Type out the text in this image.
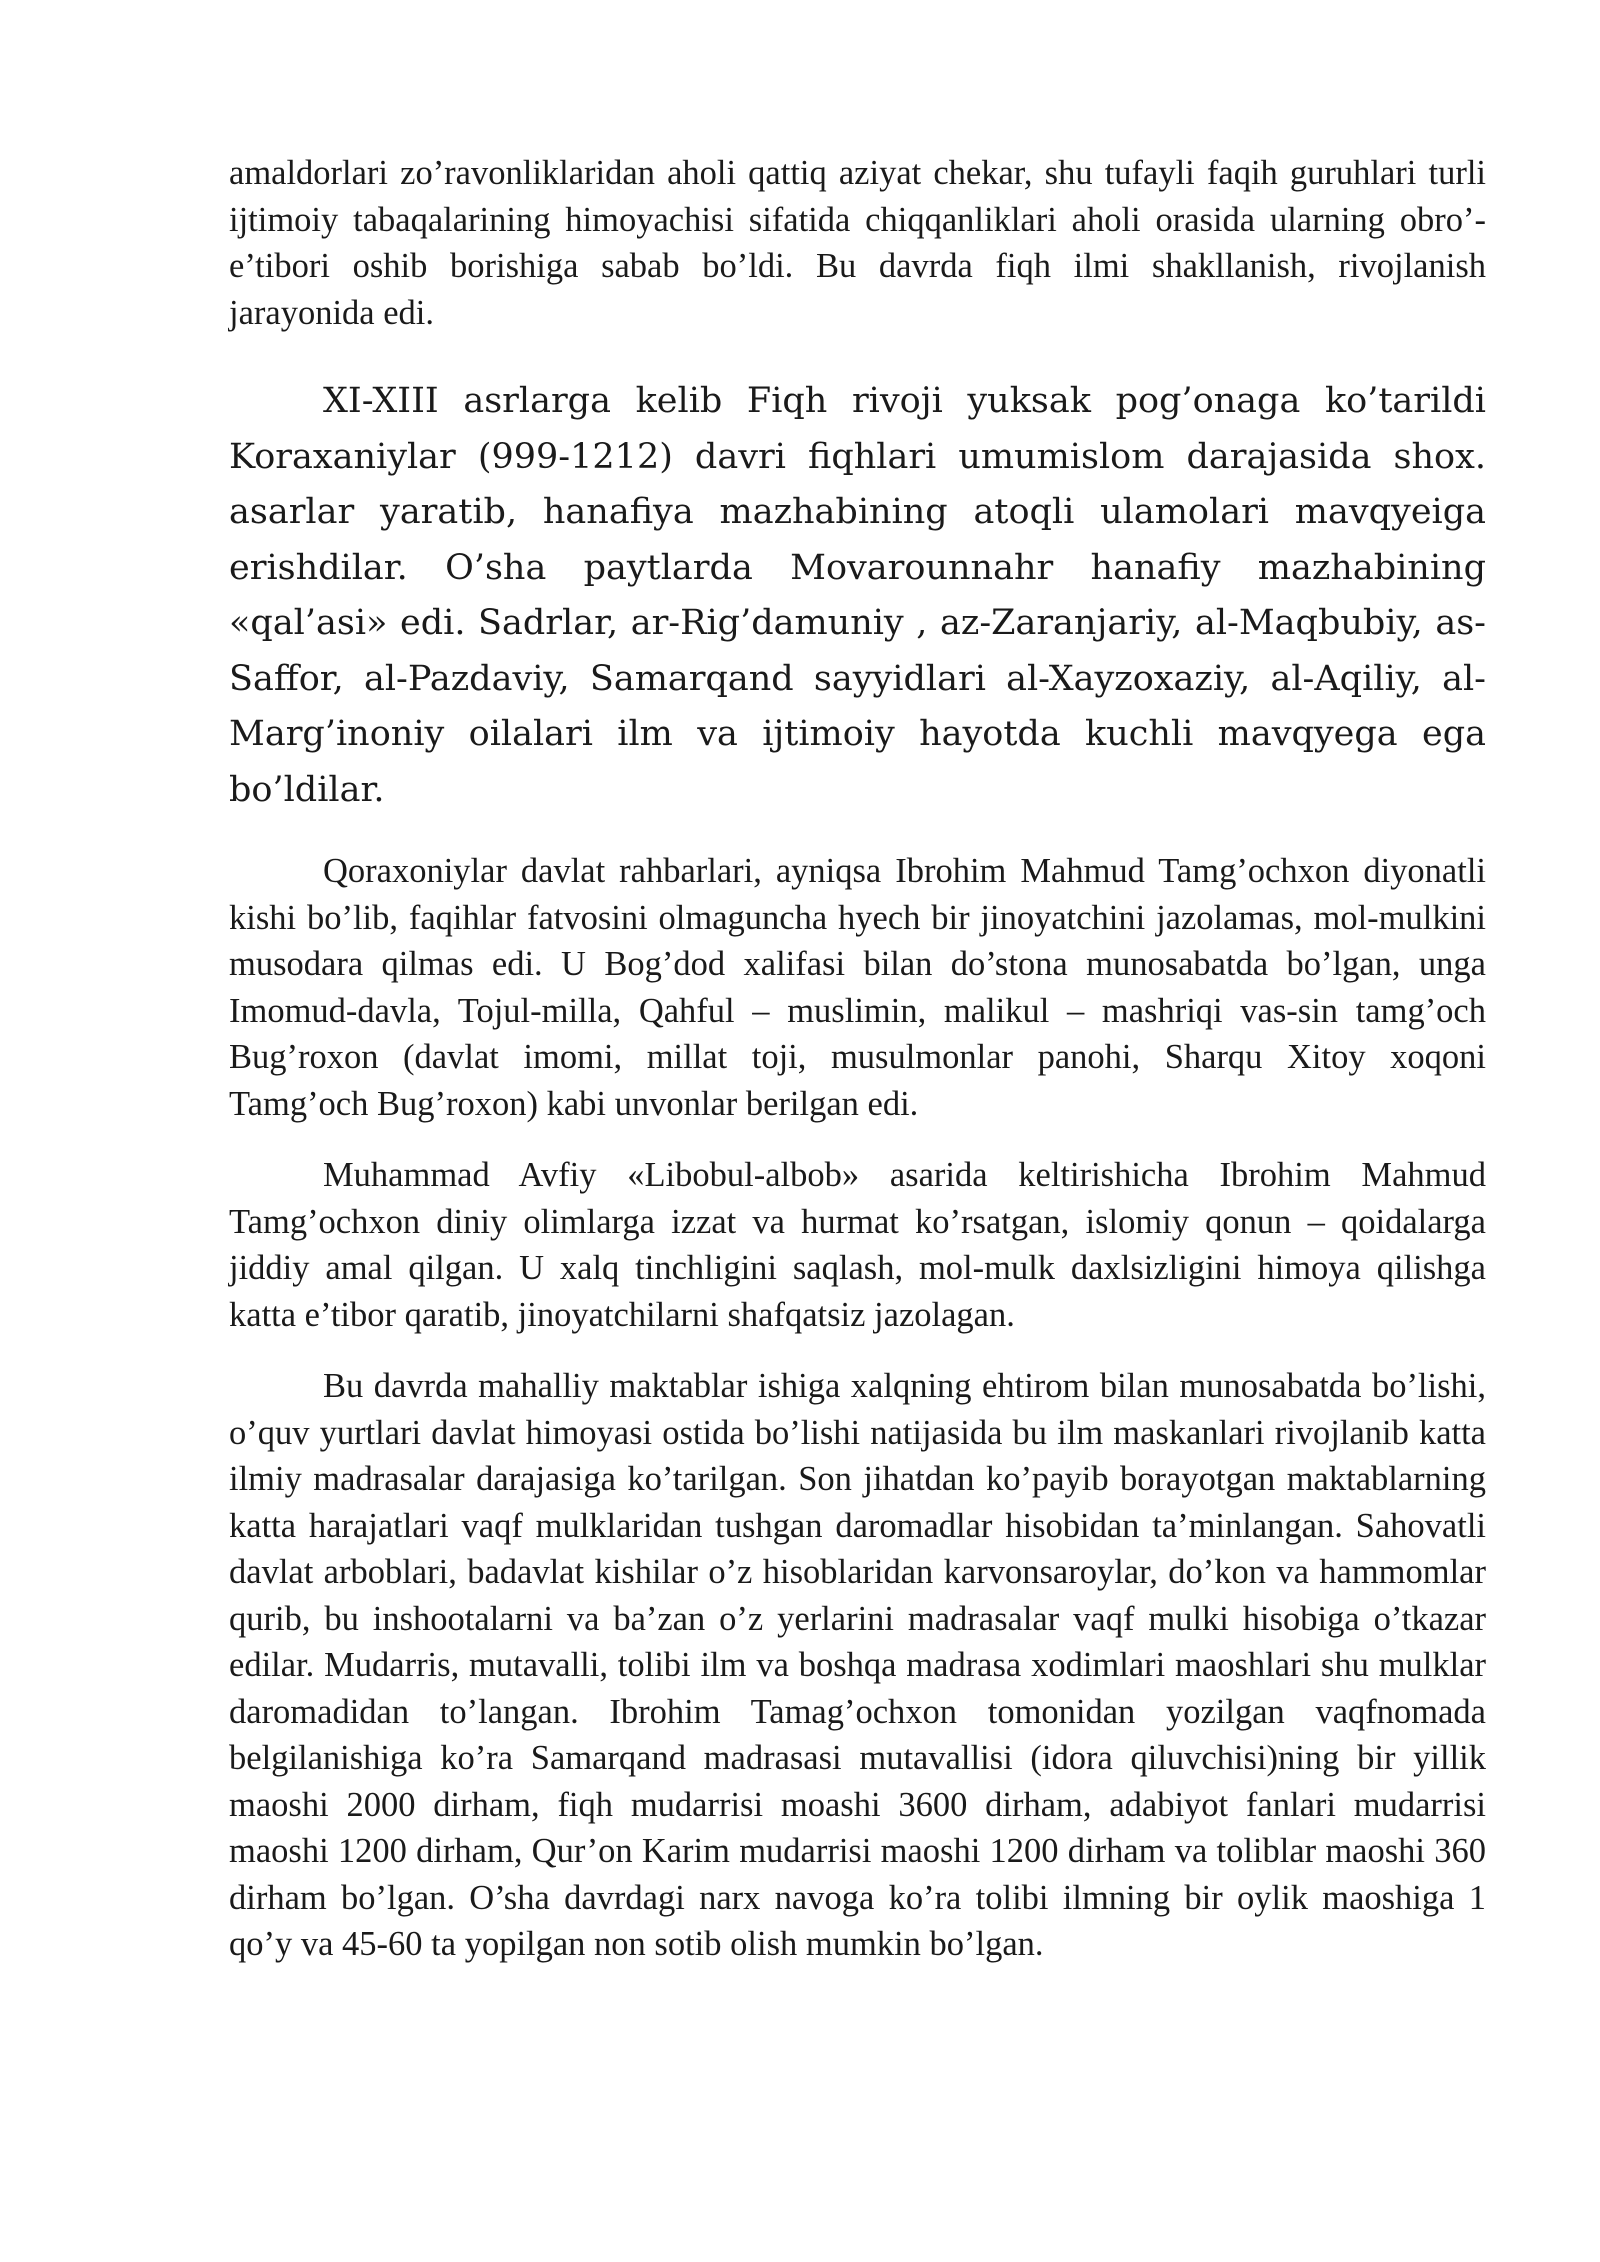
amaldorlari zo’ravonliklaridan aholi qattiq aziyat chekar, shu tufayli faqih guruhlari turli ijtimoiy tabaqalarining himoyachisi sifatida chiqqanliklari aholi orasida ularning obro’-e’tibori oshib borishiga sabab bo’ldi. Bu davrda fiqh ilmi shakllanish, rivojlanish jarayonida edi.

XI-XIII asrlarga kelib Fiqh rivoji yuksak pog’onaga ko’tarildi Koraxaniylar (999-1212) davri fiqhlari umumislom darajasida shox. asarlar yaratib, hanafiya mazhabining atoqli ulamolari mavqyeiga erishdilar. O’sha paytlarda Movarounnahr hanafiy mazhabining «qal’asi» edi. Sadrlar, ar-Rig’damuniy , az-Zaranjariy, al-Maqbubiy, as-Saffor, al-Pazdaviy, Samarqand sayyidlari al-Xayzoxaziy, al-Aqiliy, al-Marg’inoniy oilalari ilm va ijtimoiy hayotda kuchli mavqyega ega bo’ldilar.

Qoraxoniylar davlat rahbarlari, ayniqsa Ibrohim Mahmud Tamg’ochxon diyonatli kishi bo’lib, faqihlar fatvosini olmaguncha hyech bir jinoyatchini jazolamas, mol-mulkini musodara qilmas edi. U Bog’dod xalifasi bilan do’stona munosabatda bo’lgan, unga Imomud-davla, Tojul-milla, Qahful – muslimin, malikul – mashriqi vas-sin tamg’och Bug’roxon (davlat imomi, millat toji, musulmonlar panohi, Sharqu Xitoy xoqoni Tamg’och Bug’roxon) kabi unvonlar berilgan edi.

Muhammad Avfiy «Libobul-albob» asarida keltirishicha Ibrohim Mahmud Tamg’ochxon diniy olimlarga izzat va hurmat ko’rsatgan, islomiy qonun – qoidalarga jiddiy amal qilgan. U xalq tinchligini saqlash, mol-mulk daxlsizligini himoya qilishga katta e’tibor qaratib, jinoyatchilarni shafqatsiz jazolagan.

Bu davrda mahalliy maktablar ishiga xalqning ehtirom bilan munosabatda bo’lishi, o’quv yurtlari davlat himoyasi ostida bo’lishi natijasida bu ilm maskanlari rivojlanib katta ilmiy madrasalar darajasiga ko’tarilgan. Son jihatdan ko’payib borayotgan maktablarning katta harajatlari vaqf mulklaridan tushgan daromadlar hisobidan ta’minlangan. Sahovatli davlat arboblari, badavlat kishilar o’z hisoblaridan karvonsaroylar, do’kon va hammomlar qurib, bu inshootalarni va ba’zan o’z yerlarini madrasalar vaqf mulki hisobiga o’tkazar edilar. Mudarris, mutavalli, tolibi ilm va boshqa madrasa xodimlari maoshlari shu mulklar daromadidan to’langan. Ibrohim Tamag’ochxon tomonidan yozilgan vaqfnomada belgilanishiga ko’ra Samarqand madrasasi mutavallisi (idora qiluvchisi)ning bir yillik maoshi 2000 dirham, fiqh mudarrisi moashi 3600 dirham, adabiyot fanlari mudarrisi maoshi 1200 dirham, Qur’on Karim mudarrisi maoshi 1200 dirham va toliblar maoshi 360 dirham bo’lgan. O’sha davrdagi narx navoga ko’ra tolibi ilmning bir oylik maoshiga 1 qo’y va 45-60 ta yopilgan non sotib olish mumkin bo’lgan.
